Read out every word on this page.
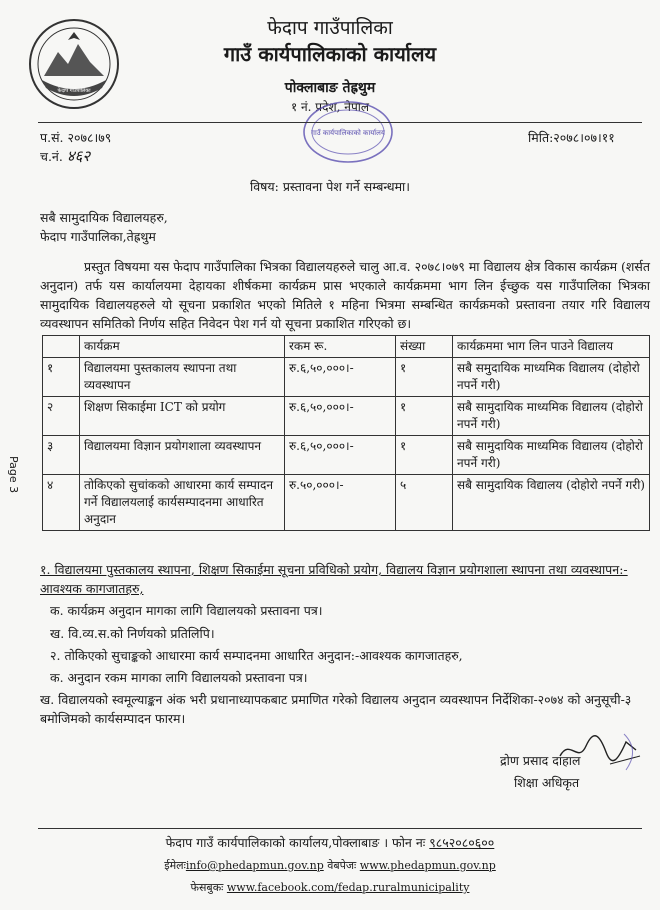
फेदाप गाउँपालिका
फेदाप गाउँपालिका
गाउँ कार्यपालिकाको कार्यालय
पोक्लाबाङ तेह्रथुम
१ नं. प्रदेश, नेपाल
गाउँ कार्यपालिकाको कार्यालय
प.सं. २०७८।७९
च.नं. ४६२
मिति:२०७८।०७।११
विषय: प्रस्तावना पेश गर्ने सम्बन्धमा।
सबै सामुदायिक विद्यालयहरु,
फेदाप गाउँपालिका,तेह्रथुम
प्रस्तुत विषयमा यस फेदाप गाउँपालिका भित्रका विद्यालयहरुले चालु आ.व. २०७८।०७९ मा विद्यालय क्षेत्र विकास कार्यक्रम (शर्सत अनुदान) तर्फ यस कार्यालयमा देहायका शीर्षकमा कार्यक्रम प्रास भएकाले कार्यक्रममा भाग लिन ईच्छुक यस गाउँपालिका भित्रका सामुदायिक विद्यालयहरुले यो सूचना प्रकाशित भएको मितिले १ महिना भित्रमा सम्बन्धित कार्यक्रमको प्रस्तावना तयार गरि विद्यालय व्यवस्थापन समितिको निर्णय सहित निवेदन पेश गर्न यो सूचना प्रकाशित गरिएको छ।
	कार्यक्रम	रकम रू.	संख्या	कार्यक्रममा भाग लिन पाउने विद्यालय
१	विद्यालयमा पुस्तकालय स्थापना तथा व्यवस्थापन	रु.६,५०,०००।-	१	सबै समुदायिक माध्यमिक विद्यालय (दोहोरो नपर्ने गरी)
२	शिक्षण सिकाईमा ICT को प्रयोग	रु.६,५०,०००।-	१	सबै सामुदायिक माध्यमिक विद्यालय (दोहोरो नपर्ने गरी)
३	विद्यालयमा विज्ञान प्रयोगशाला व्यवस्थापन	रु.६,५०,०००।-	१	सबै सामुदायिक माध्यमिक विद्यालय (दोहोरो नपर्ने गरी)
४	तोकिएको सुचांकको आधारमा कार्य सम्पादन गर्ने विद्यालयलाई कार्यसम्पादनमा आधारित अनुदान	रु.५०,०००।-	५	सबै सामुदायिक विद्यालय (दोहोरो नपर्ने गरी)
१. विद्यालयमा पुस्तकालय स्थापना, शिक्षण सिकाईमा सूचना प्रविधिको प्रयोग, विद्यालय विज्ञान प्रयोगशाला स्थापना तथा व्यवस्थापन:-आवश्यक कागजातहरु,
क. कार्यक्रम अनुदान मागका लागि विद्यालयको प्रस्तावना पत्र।
ख. वि.व्य.स.को निर्णयको प्रतिलिपि।
२. तोकिएको सुचाङ्कको आधारमा कार्य सम्पादनमा आधारित अनुदान:-आवश्यक कागजातहरु,
क. अनुदान रकम मागका लागि विद्यालयको प्रस्तावना पत्र।
ख. विद्यालयको स्वमूल्याङ्कन अंक भरी प्रधानाध्यापकबाट प्रमाणित गरेको विद्यालय अनुदान व्यवस्थापन निर्देशिका-२०७४ को अनुसूची-३ बमोजिमको कार्यसम्पादन फारम।
Page 3
द्रोण प्रसाद दाहाल
शिक्षा अधिकृत
फेदाप गाउँ कार्यपालिकाको कार्यालय,पोक्लाबाङ । फोन नः ९८५२०८०६००
ईमेलःinfo@phedapmun.gov.np वेबपेजः www.phedapmun.gov.np
फेसबुकः www.facebook.com/fedap.ruralmunicipality
